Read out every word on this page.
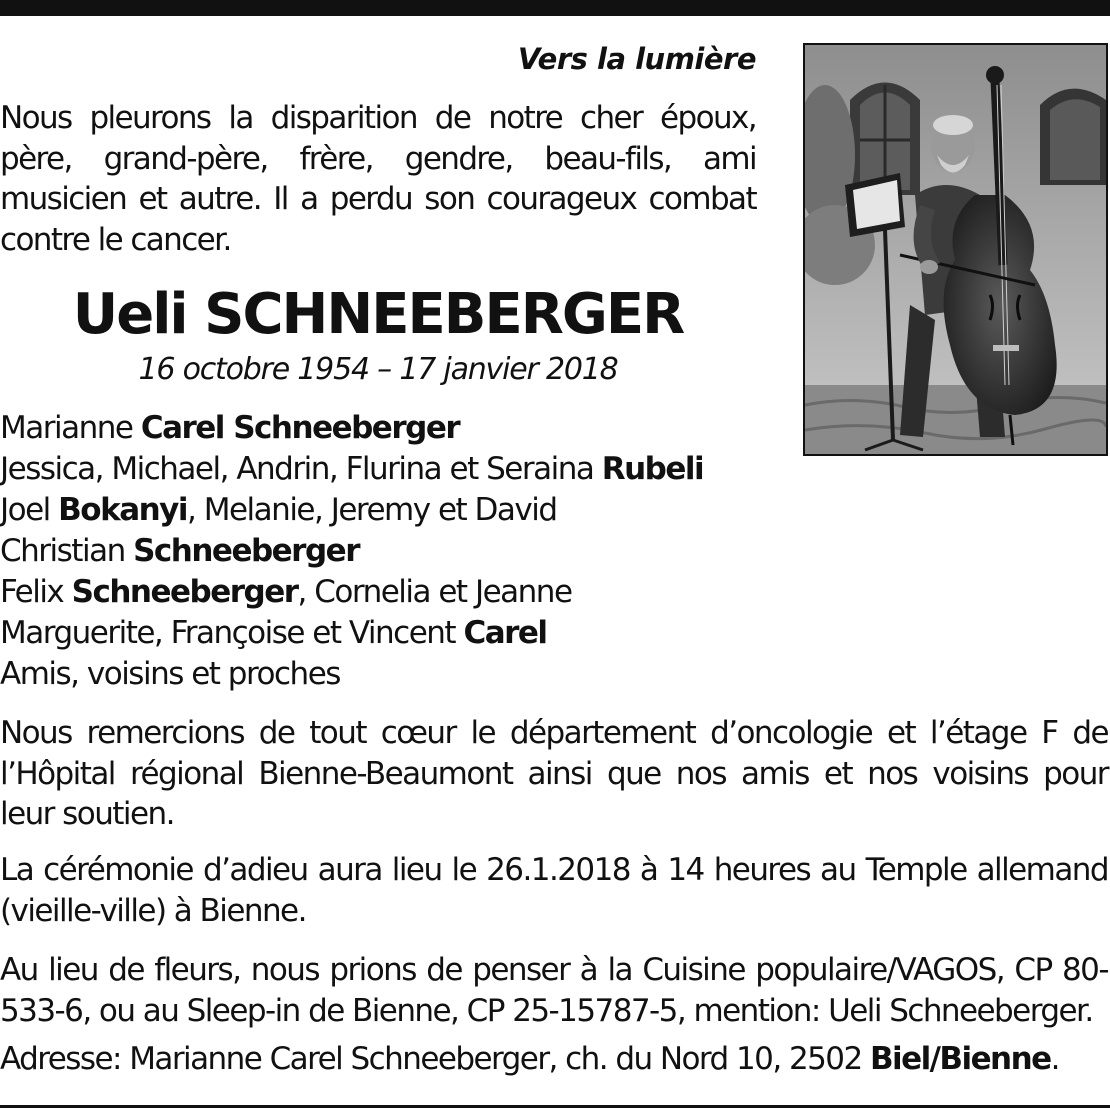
Vers la lumière
Nous pleurons la disparition de notre cher époux,
père, grand-père, frère, gendre, beau-fils, ami
musicien et autre. Il a perdu son courageux combat
contre le cancer.
Ueli SCHNEEBERGER
16 octobre 1954 – 17 janvier 2018
Marianne Carel Schneeberger
Jessica, Michael, Andrin, Flurina et Seraina Rubeli
Joel Bokanyi, Melanie, Jeremy et David
Christian Schneeberger
Felix Schneeberger, Cornelia et Jeanne
Marguerite, Françoise et Vincent Carel
Amis, voisins et proches
Nous remercions de tout cœur le département d’oncologie et l’étage F de
l’Hôpital régional Bienne-Beaumont ainsi que nos amis et nos voisins pour
leur soutien.
La cérémonie d’adieu aura lieu le 26.1.2018 à 14 heures au Temple allemand
(vieille-ville) à Bienne.
Au lieu de fleurs, nous prions de penser à la Cuisine populaire/VAGOS, CP 80-
533-6, ou au Sleep-in de Bienne, CP 25-15787-5, mention: Ueli Schneeberger.
Adresse: Marianne Carel Schneeberger, ch. du Nord 10, 2502 Biel/Bienne.
